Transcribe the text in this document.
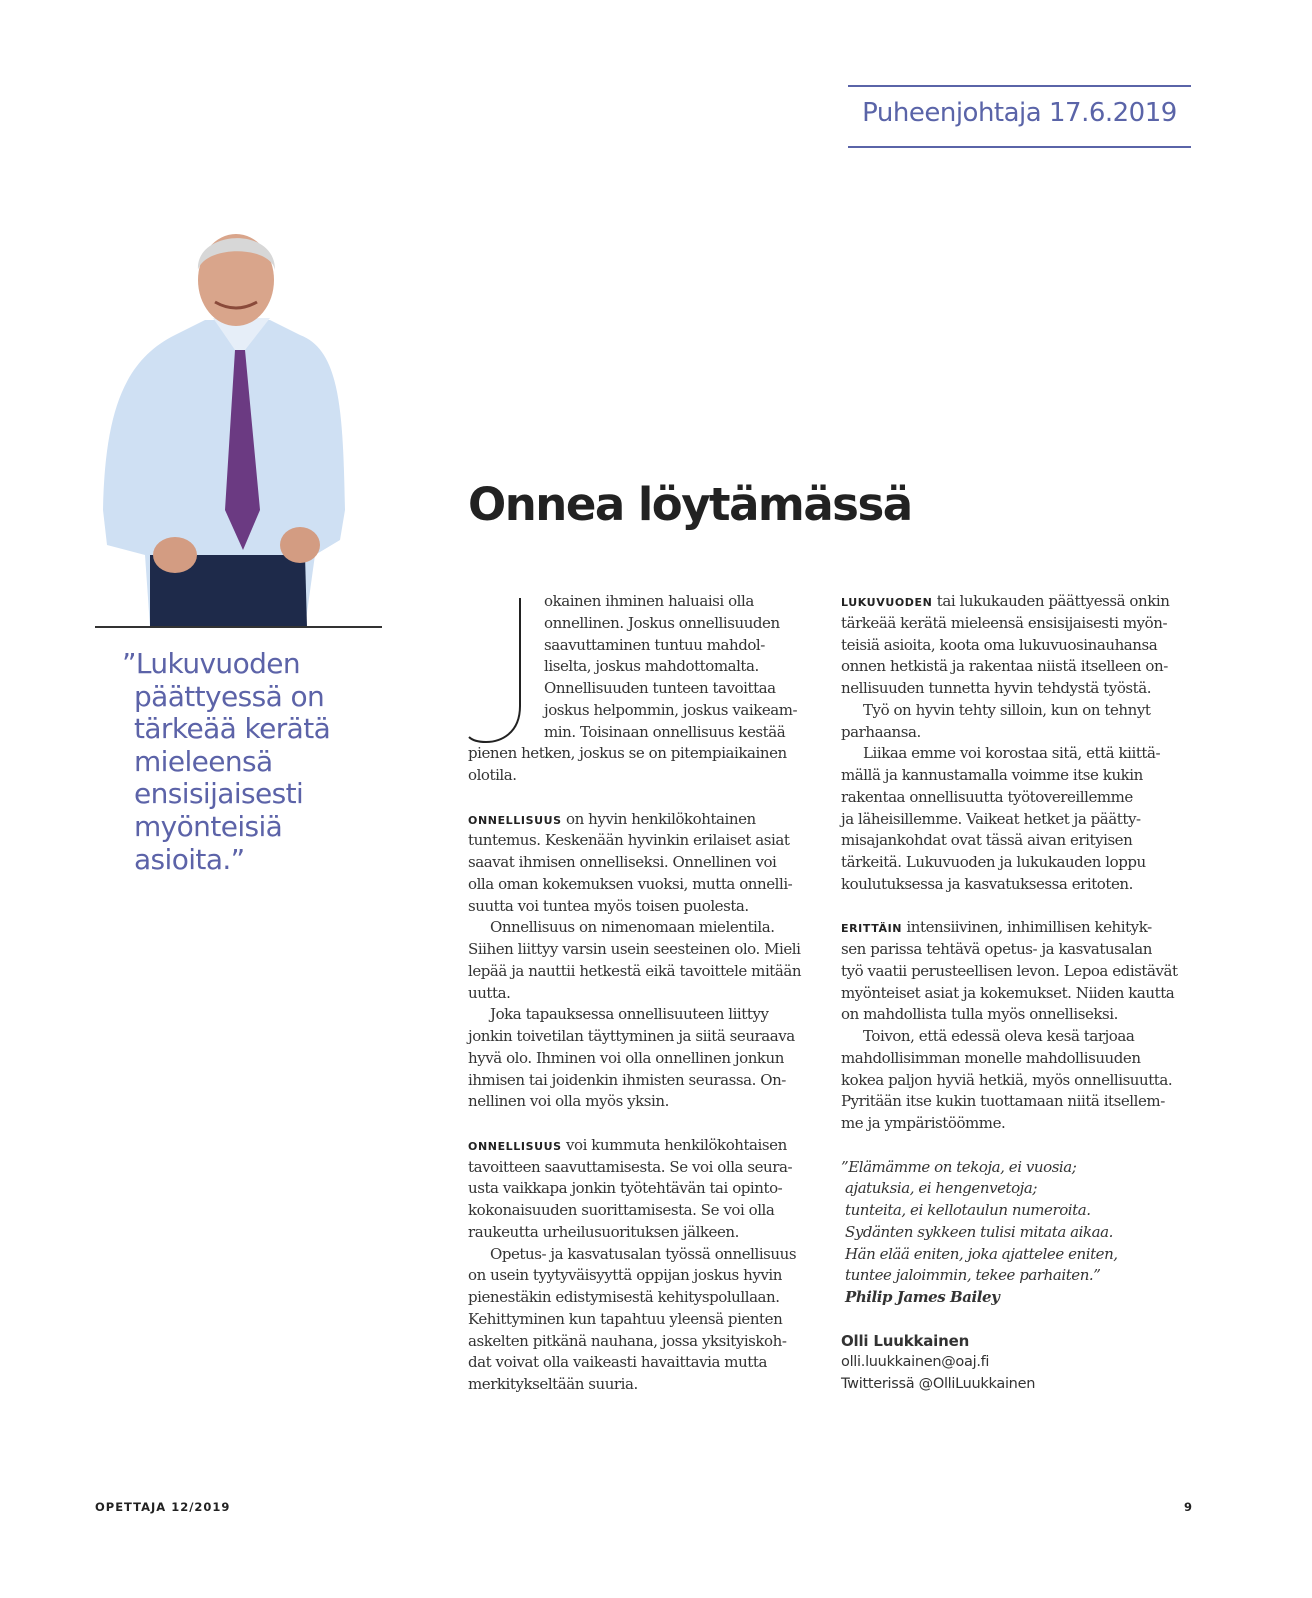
Puheenjohtaja 17.6.2019
”Lukuvuoden
päättyessä on
tärkeää kerätä
mieleensä
ensisijaisesti
myönteisiä
asioita.”
Onnea löytämässä
okainen ihminen haluaisi olla
onnellinen. Joskus onnellisuuden
saavuttaminen tuntuu mahdol-
liselta, joskus mahdottomalta.
Onnellisuuden tunteen tavoittaa
joskus helpommin, joskus vaikeam-
min. Toisinaan onnellisuus kestää
pienen hetken, joskus se on pitempiaikainen
olotila.
ONNELLISUUS on hyvin henkilökohtainen
tuntemus. Keskenään hyvinkin erilaiset asiat
saavat ihmisen onnelliseksi. Onnellinen voi
olla oman kokemuksen vuoksi, mutta onnelli-
suutta voi tuntea myös toisen puolesta.
Onnellisuus on nimenomaan mielentila.
Siihen liittyy varsin usein seesteinen olo. Mieli
lepää ja nauttii hetkestä eikä tavoittele mitään
uutta.
Joka tapauksessa onnellisuuteen liittyy
jonkin toivetilan täyttyminen ja siitä seuraava
hyvä olo. Ihminen voi olla onnellinen jonkun
ihmisen tai joidenkin ihmisten seurassa. On-
nellinen voi olla myös yksin.
ONNELLISUUS voi kummuta henkilökohtaisen
tavoitteen saavuttamisesta. Se voi olla seura-
usta vaikkapa jonkin työtehtävän tai opinto-
kokonaisuuden suorittamisesta. Se voi olla
raukeutta urheilusuorituksen jälkeen.
Opetus- ja kasvatusalan työssä onnellisuus
on usein tyytyväisyyttä oppijan joskus hyvin
pienestäkin edistymisestä kehityspolullaan.
Kehittyminen kun tapahtuu yleensä pienten
askelten pitkänä nauhana, jossa yksityiskoh-
dat voivat olla vaikeasti havaittavia mutta
merkitykseltään suuria.
LUKUVUODEN tai lukukauden päättyessä onkin
tärkeää kerätä mieleensä ensisijaisesti myön-
teisiä asioita, koota oma lukuvuosinauhansa
onnen hetkistä ja rakentaa niistä itselleen on-
nellisuuden tunnetta hyvin tehdystä työstä.
Työ on hyvin tehty silloin, kun on tehnyt
parhaansa.
Liikaa emme voi korostaa sitä, että kiittä-
mällä ja kannustamalla voimme itse kukin
rakentaa onnellisuutta työtovereillemme
ja läheisillemme. Vaikeat hetket ja päätty-
misajankohdat ovat tässä aivan erityisen
tärkeitä. Lukuvuoden ja lukukauden loppu
koulutuksessa ja kasvatuksessa eritoten.
ERITTÄIN intensiivinen, inhimillisen kehityk-
sen parissa tehtävä opetus- ja kasvatusalan
työ vaatii perusteellisen levon. Lepoa edistävät
myönteiset asiat ja kokemukset. Niiden kautta
on mahdollista tulla myös onnelliseksi.
Toivon, että edessä oleva kesä tarjoaa
mahdollisimman monelle mahdollisuuden
kokea paljon hyviä hetkiä, myös onnellisuutta.
Pyritään itse kukin tuottamaan niitä itsellem-
me ja ympäristöömme.
”Elämämme on tekoja, ei vuosia;
ajatuksia, ei hengenvetoja;
tunteita, ei kellotaulun numeroita.
Sydänten sykkeen tulisi mitata aikaa.
Hän elää eniten, joka ajattelee eniten,
tuntee jaloimmin, tekee parhaiten.”
Philip James Bailey
Olli Luukkainen
olli.luukkainen@oaj.fi
Twitterissä @OlliLuukkainen
OPETTAJA 12/2019	9
